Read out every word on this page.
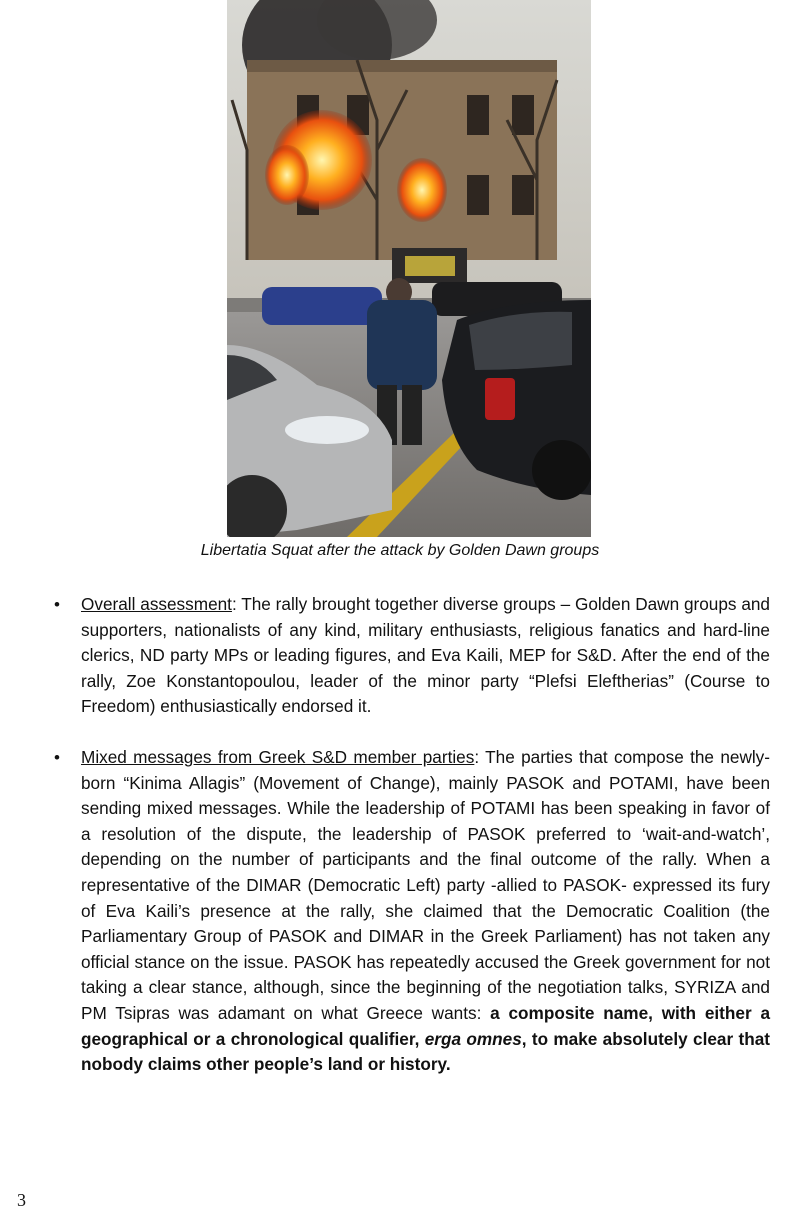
Libertatia Squat after the attack by Golden Dawn groups
• Overall assessment: The rally brought together diverse groups – Golden Dawn groups and supporters, nationalists of any kind, military enthusiasts, religious fanatics and hard-line clerics, ND party MPs or leading figures, and Eva Kaili, MEP for S&D. After the end of the rally, Zoe Konstantopoulou, leader of the minor party “Plefsi Eleftherias” (Course to Freedom) enthusiastically endorsed it.
• Mixed messages from Greek S&D member parties: The parties that compose the newly-born “Kinima Allagis” (Movement of Change), mainly PASOK and POTAMI, have been sending mixed messages. While the leadership of POTAMI has been speaking in favor of a resolution of the dispute, the leadership of PASOK preferred to ‘wait-and-watch’, depending on the number of participants and the final outcome of the rally. When a representative of the DIMAR (Democratic Left) party -allied to PASOK- expressed its fury of Eva Kaili’s presence at the rally, she claimed that the Democratic Coalition (the Parliamentary Group of PASOK and DIMAR in the Greek Parliament) has not taken any official stance on the issue. PASOK has repeatedly accused the Greek government for not taking a clear stance, although, since the beginning of the negotiation talks, SYRIZA and PM Tsipras was adamant on what Greece wants: a composite name, with either a geographical or a chronological qualifier, erga omnes, to make absolutely clear that nobody claims other people’s land or history.
3
